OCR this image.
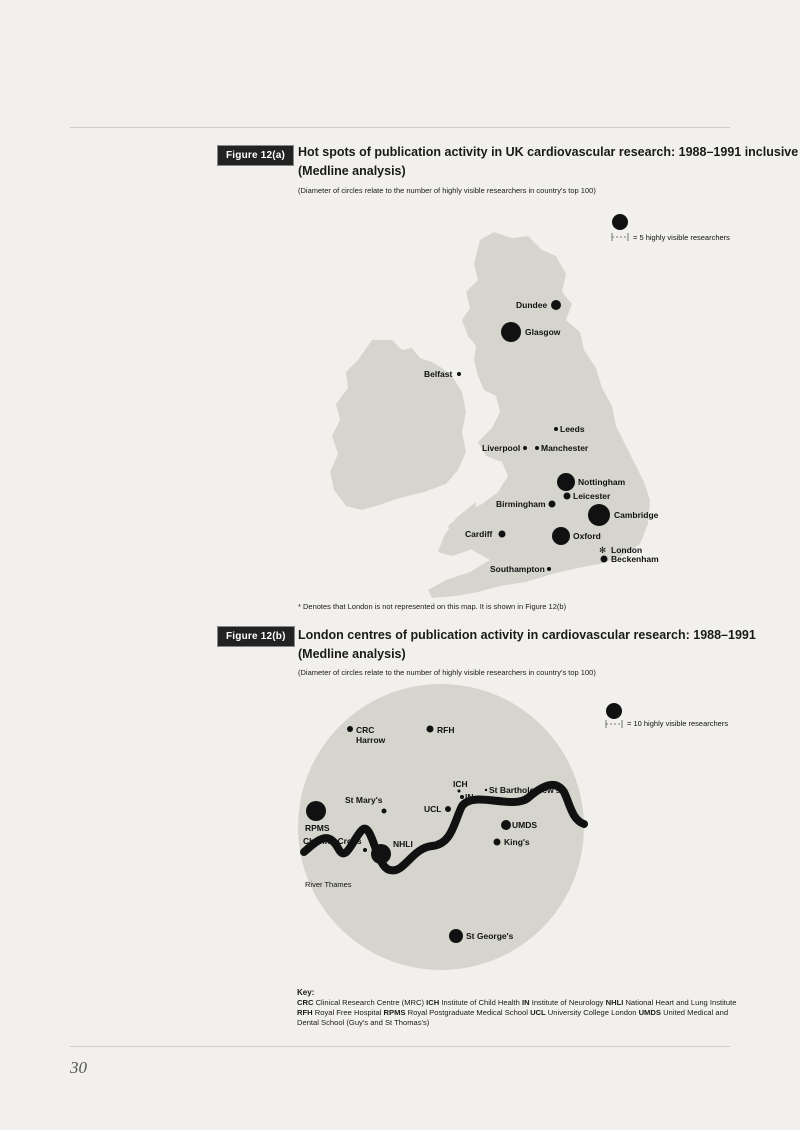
Figure 12(a)	Hot spots of publication activity in UK cardiovascular research: 1988–1991 inclusive
(Medline analysis)
(Diameter of circles relate to the number of highly visible researchers in country's top 100)
= 5 highly visible researchers
Dundee
Glasgow
Belfast
Leeds
Liverpool Manchester
Nottingham
Leicester
Birmingham
Cambridge
Cardiff	Oxford
✻ London
Beckenham
Southampton
* Denotes that London is not represented on this map. It is shown in Figure 12(b)
Figure 12(b) London centres of publication activity in cardiovascular research: 1988–1991
(Medline analysis)
(Diameter of circles relate to the number of highly visible researchers in country's top 100)
= 10 highly visible researchers
CRC
Harrow
RFH
ICH
IN
St Bartholomew's
St Mary's
UCL
RPMS	UMDS
Charing Cross	NHLI	King's
River Thames
St George's
Key:
CRC Clinical Research Centre (MRC) ICH Institute of Child Health IN Institute of Neurology NHLI National Heart and Lung Institute RFH Royal Free Hospital RPMS Royal Postgraduate Medical School UCL University College London UMDS United Medical and Dental School (Guy's and St Thomas's)
30
